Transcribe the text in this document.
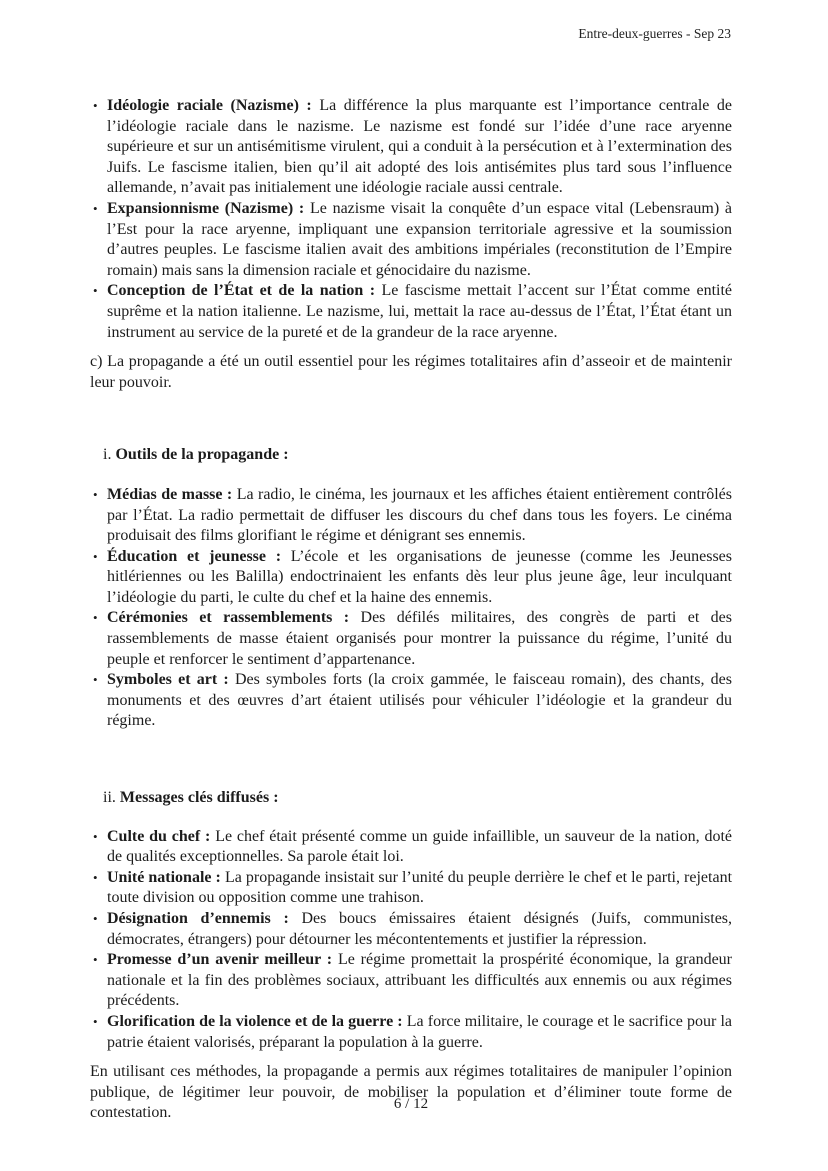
Entre-deux-guerres - Sep 23
• Idéologie raciale (Nazisme) : La différence la plus marquante est l’importance centrale de l’idéologie raciale dans le nazisme. Le nazisme est fondé sur l’idée d’une race aryenne supérieure et sur un antisémitisme virulent, qui a conduit à la persécution et à l’extermination des Juifs. Le fascisme italien, bien qu’il ait adopté des lois antisémites plus tard sous l’influence allemande, n’avait pas initialement une idéologie raciale aussi centrale.
• Expansionnisme (Nazisme) : Le nazisme visait la conquête d’un espace vital (Lebensraum) à l’Est pour la race aryenne, impliquant une expansion territoriale agressive et la soumission d’autres peuples. Le fascisme italien avait des ambitions impériales (reconstitution de l’Empire romain) mais sans la dimension raciale et génocidaire du nazisme.
• Conception de l’État et de la nation : Le fascisme mettait l’accent sur l’État comme entité suprême et la nation italienne. Le nazisme, lui, mettait la race au-dessus de l’État, l’État étant un instrument au service de la pureté et de la grandeur de la race aryenne.

c) La propagande a été un outil essentiel pour les régimes totalitaires afin d’asseoir et de maintenir leur pouvoir.

i. Outils de la propagande :

• Médias de masse : La radio, le cinéma, les journaux et les affiches étaient entièrement contrôlés par l’État. La radio permettait de diffuser les discours du chef dans tous les foyers. Le cinéma produisait des films glorifiant le régime et dénigrant ses ennemis.
• Éducation et jeunesse : L’école et les organisations de jeunesse (comme les Jeunesses hitlériennes ou les Balilla) endoctrinaient les enfants dès leur plus jeune âge, leur inculquant l’idéologie du parti, le culte du chef et la haine des ennemis.
• Cérémonies et rassemblements : Des défilés militaires, des congrès de parti et des rassemblements de masse étaient organisés pour montrer la puissance du régime, l’unité du peuple et renforcer le sentiment d’appartenance.
• Symboles et art : Des symboles forts (la croix gammée, le faisceau romain), des chants, des monuments et des œuvres d’art étaient utilisés pour véhiculer l’idéologie et la grandeur du régime.

ii. Messages clés diffusés :

• Culte du chef : Le chef était présenté comme un guide infaillible, un sauveur de la nation, doté de qualités exceptionnelles. Sa parole était loi.
• Unité nationale : La propagande insistait sur l’unité du peuple derrière le chef et le parti, rejetant toute division ou opposition comme une trahison.
• Désignation d’ennemis : Des boucs émissaires étaient désignés (Juifs, communistes, démocrates, étrangers) pour détourner les mécontentements et justifier la répression.
• Promesse d’un avenir meilleur : Le régime promettait la prospérité économique, la grandeur nationale et la fin des problèmes sociaux, attribuant les difficultés aux ennemis ou aux régimes précédents.
• Glorification de la violence et de la guerre : La force militaire, le courage et le sacrifice pour la patrie étaient valorisés, préparant la population à la guerre.

En utilisant ces méthodes, la propagande a permis aux régimes totalitaires de manipuler l’opinion publique, de légitimer leur pouvoir, de mobiliser la population et d’éliminer toute forme de contestation.

6 / 12
